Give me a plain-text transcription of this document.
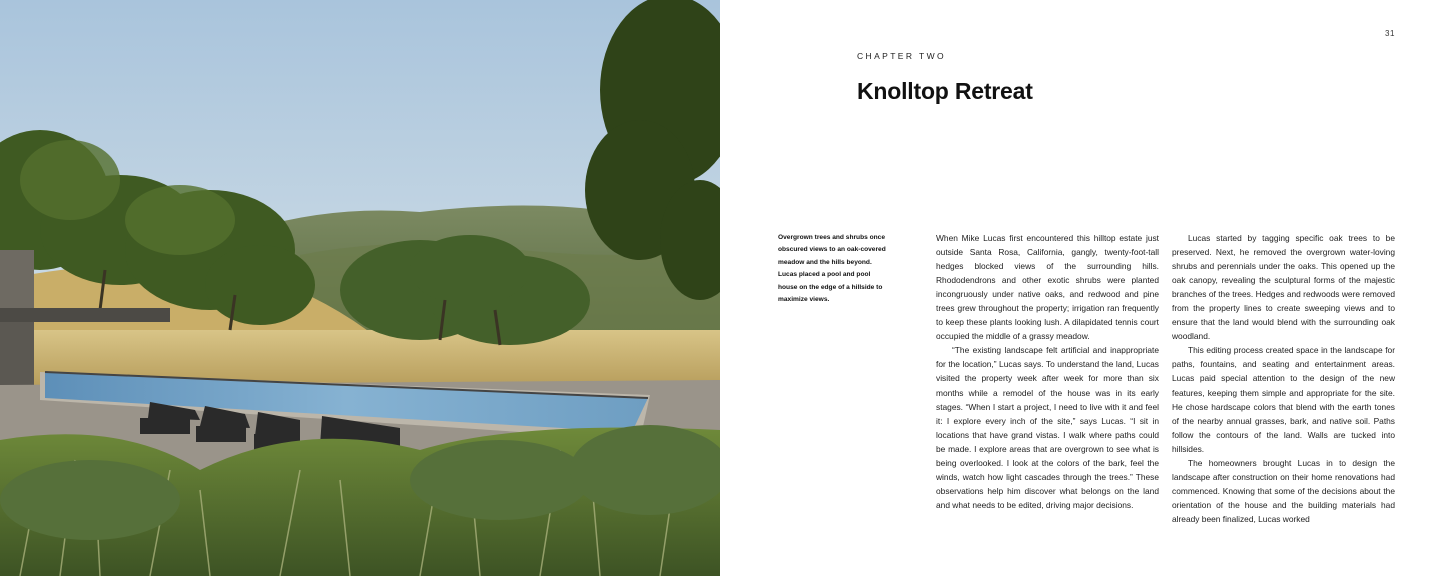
31
CHAPTER TWO
Knolltop Retreat

Overgrown trees and shrubs once obscured views to an oak-covered meadow and the hills beyond. Lucas placed a pool and pool house on the edge of a hillside to maximize views.

When Mike Lucas first encountered this hilltop estate just outside Santa Rosa, California, gangly, twenty-foot-tall hedges blocked views of the surrounding hills. Rhododendrons and other exotic shrubs were planted incongruously under native oaks, and redwood and pine trees grew throughout the property; irrigation ran frequently to keep these plants looking lush. A dilapidated tennis court occupied the middle of a grassy meadow.

“The existing landscape felt artificial and inappropriate for the location,” Lucas says. To understand the land, Lucas visited the property week after week for more than six months while a remodel of the house was in its early stages. “When I start a project, I need to live with it and feel it: I explore every inch of the site,” says Lucas. “I sit in locations that have grand vistas. I walk where paths could be made. I explore areas that are overgrown to see what is being overlooked. I look at the colors of the bark, feel the winds, watch how light cascades through the trees.” These observations help him discover what belongs on the land and what needs to be edited, driving major decisions.

Lucas started by tagging specific oak trees to be preserved. Next, he removed the overgrown water-loving shrubs and perennials under the oaks. This opened up the oak canopy, revealing the sculptural forms of the majestic branches of the trees. Hedges and redwoods were removed from the property lines to create sweeping views and to ensure that the land would blend with the surrounding oak woodland.

This editing process created space in the landscape for paths, fountains, and seating and entertainment areas. Lucas paid special attention to the design of the new features, keeping them simple and appropriate for the site. He chose hardscape colors that blend with the earth tones of the nearby annual grasses, bark, and native soil. Paths follow the contours of the land. Walls are tucked into hillsides.

The homeowners brought Lucas in to design the landscape after construction on their home renovations had commenced. Knowing that some of the decisions about the orientation of the house and the building materials had already been finalized, Lucas worked
